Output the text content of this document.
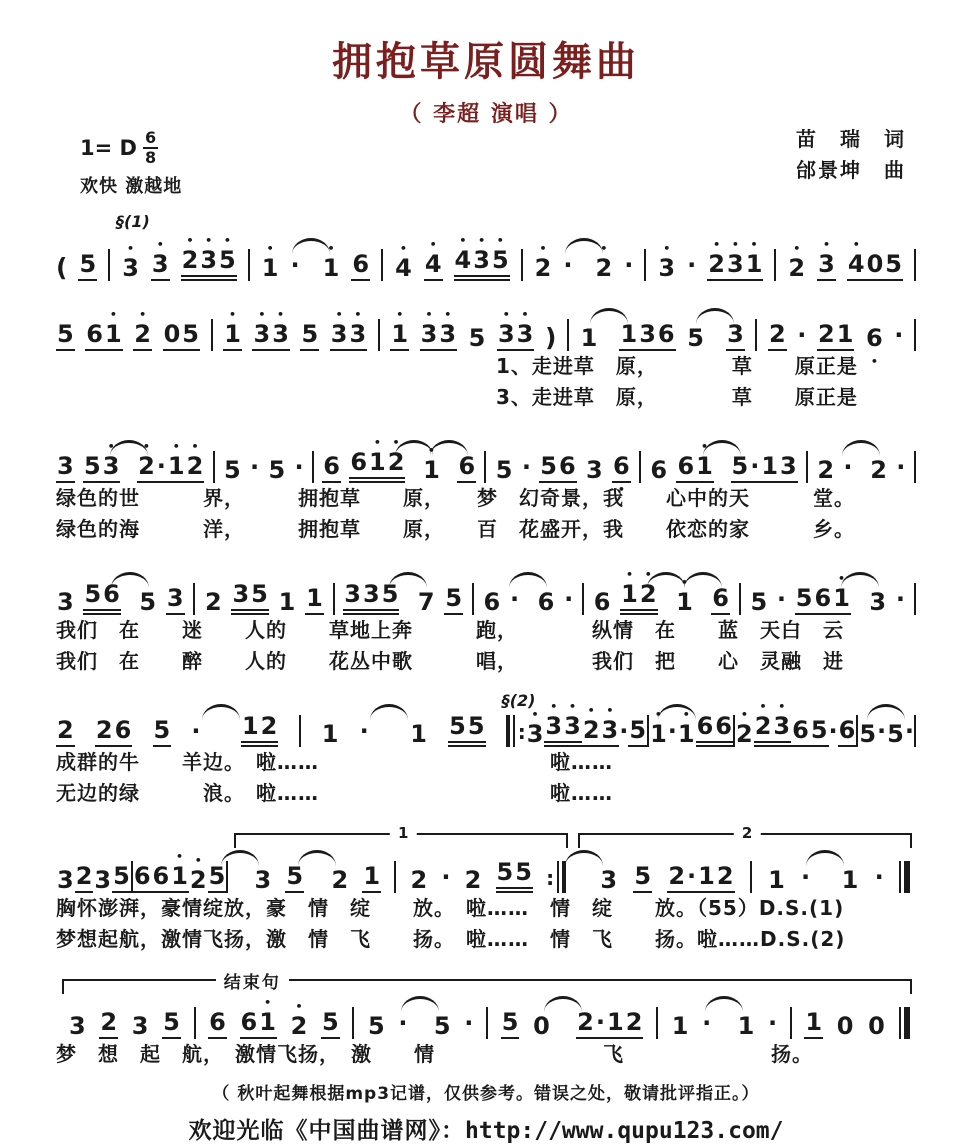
拥抱草原圆舞曲
（ 李超 演唱 ）
1= D $\frac{6}{8}$
欢快 激越地
苗　瑞　词
邰景坤　曲
§(1)
( 5 • 3 • 3 • 2• 3• 5 • 1 · • 1 6 • 4 • 4 • 4• 3• 5 • 2 · • 2 · • 3 · • 2• 3• 1 • 2 • 3 • 405
5 6• 1 • 2 05 • 1 • 3• 3 5 • 3• 3 • 1 • 3• 3 5 • 3• 3 ) 1 136 5 3 2 · 21 6 • ·
1、走进草　原，　　　　草　　原正是
3、走进草　原，　　　　草　　原正是
3 5• 3 • 2·• 1• 2 5 · 5 · 6 6• 1• 2 • 1 6 5 · 56 3 6 • 6 6• 1 5·13 2 · 2 ·
绿色的世　　　界，　　　拥抱草　　原，　　梦　幻奇景，我　　心中的天　　　堂。
绿色的海　　　洋，　　　拥抱草　　原，　　百　花盛开，我　　依恋的家　　　乡。
3 56 5 3 2 35 1 1 335 7 5 6 · 6 · 6 • 1• 2 • 1 6 5 · 56• 1 3 ·
我们　在　　迷　　人的　　草地上奔　　　跑，　　　　纵情　在　　蓝　天白　云
我们　在　　醉　　人的　　花丛中歌　　　唱，　　　　我们　把　　心　灵融　进
2 26 5 · 12 1 · 1 55
§(2)
: • 3 • 3• 3 • 2• 3 · 5 • 1 · • 1 66 • 2 • 2• 3 65 · 6 5 · 5 ·
成群的牛　　羊边。　啦……　　　　　　　　　　　啦……
无边的绿　　　浪。　啦……　　　　　　　　　　　啦……
3 2 3 5 6 6• 1 • 2 5
1
3 5 2 1 2 · 2 55 :
2
3 5 2·12 1 · 1 ·
胸怀澎湃，豪情绽放，豪　情　绽　　放。　啦……　情　绽　　放。（55）D.S.(1)
梦想起航，激情飞扬，激　情　飞　　扬。　啦……　情　飞　　扬。啦……D.S.(2)
结束句
3 2 3 5 6 6• 1 • 2 5 5 · 5 · 5 0 2·12 1 · 1 · 1 0 0
梦　想　起　航，　激情飞扬，　激　　情　　　　　　　　飞　　　　　　　扬。
（ 秋叶起舞根据mp3记谱，仅供参考。错误之处，敬请批评指正。）
欢迎光临《中国曲谱网》：http://www.qupu123.com/
